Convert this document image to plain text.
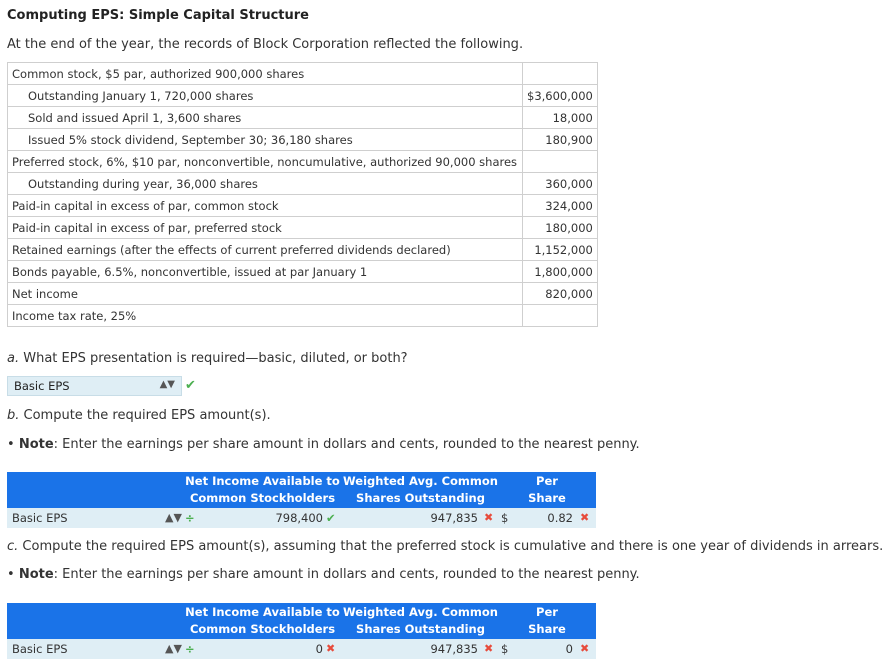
Computing EPS: Simple Capital Structure
At the end of the year, the records of Block Corporation reflected the following.
Common stock, $5 par, authorized 900,000 shares	
Outstanding January 1, 720,000 shares	$3,600,000
Sold and issued April 1, 3,600 shares	18,000
Issued 5% stock dividend, September 30; 36,180 shares	180,900
Preferred stock, 6%, $10 par, nonconvertible, noncumulative, authorized 90,000 shares	
Outstanding during year, 36,000 shares	360,000
Paid-in capital in excess of par, common stock	324,000
Paid-in capital in excess of par, preferred stock	180,000
Retained earnings (after the effects of current preferred dividends declared)	1,152,000
Bonds payable, 6.5%, nonconvertible, issued at par January 1	1,800,000
Net income	820,000
Income tax rate, 25%	
a. What EPS presentation is required—basic, diluted, or both?
Basic EPS	▲▼ ✔
b. Compute the required EPS amount(s).
• Note: Enter the earnings per share amount in dollars and cents, rounded to the nearest penny.
Net Income Available to
Common Stockholders
Weighted Avg. Common
Shares Outstanding
Per
Share
Basic EPS	▲▼ ÷	798,400 ✔	947,835 ✖ $	0.82 ✖
c. Compute the required EPS amount(s), assuming that the preferred stock is cumulative and there is one year of dividends in arrears.
• Note: Enter the earnings per share amount in dollars and cents, rounded to the nearest penny.
Net Income Available to
Common Stockholders
Weighted Avg. Common
Shares Outstanding
Per
Share
Basic EPS	▲▼ ÷	0 ✖	947,835 ✖ $	0 ✖
